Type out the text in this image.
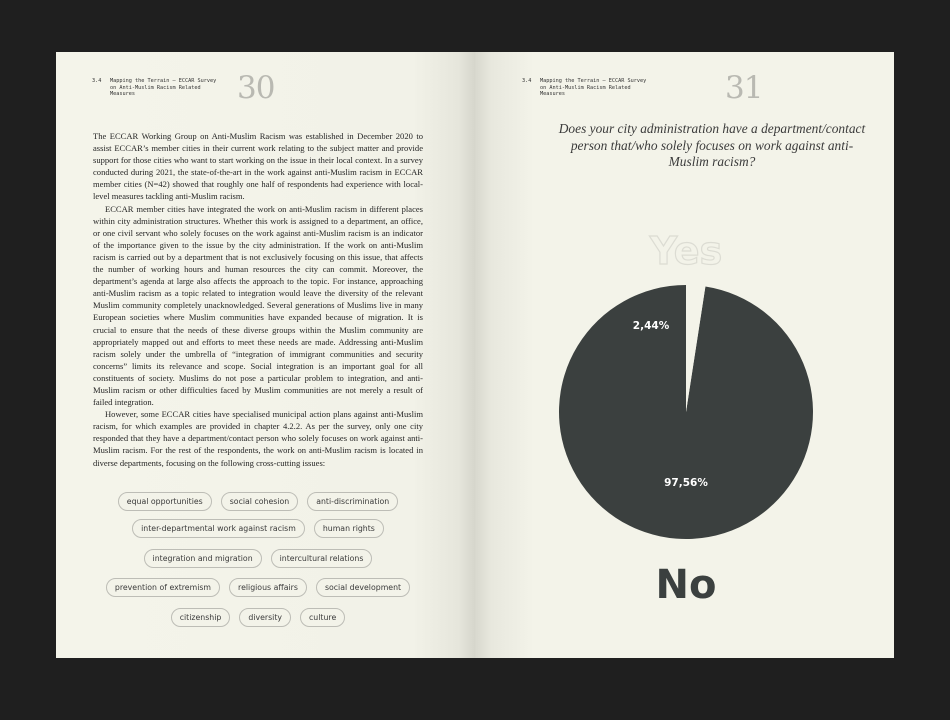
3.4 Mapping the Terrain – ECCAR Survey on Anti-Muslim Racism Related Measures	30

The ECCAR Working Group on Anti-Muslim Racism was established in December 2020 to assist ECCAR’s member cities in their current work relating to the subject matter and provide support for those cities who want to start working on the issue in their local context. In a survey conducted during 2021, the state-of-the-art in the work against anti-Muslim racism in ECCAR member cities (N=42) showed that roughly one half of respondents had experience with local-level measures tackling anti-Muslim racism.

ECCAR member cities have integrated the work on anti-Muslim racism in different places within city administration structures. Whether this work is assigned to a department, an office, or one civil servant who solely focuses on the work against anti-Muslim racism is an indicator of the importance given to the issue by the city administration. If the work on anti-Muslim racism is carried out by a department that is not exclusively focusing on this issue, that affects the number of working hours and human resources the city can commit. Moreover, the department’s agenda at large also affects the approach to the topic. For instance, approaching anti-Muslim racism as a topic related to integration would leave the diversity of the relevant Muslim community completely unacknowledged. Several generations of Muslims live in many European societies where Muslim communities have expanded because of migration. It is crucial to ensure that the needs of these diverse groups within the Muslim community are appropriately mapped out and efforts to meet these needs are made. Addressing anti-Muslim racism solely under the umbrella of “integration of immigrant communities and security concerns” limits its relevance and scope. Social integration is an important goal for all constituents of society. Muslims do not pose a particular problem to integration, and anti-Muslim racism or other difficulties faced by Muslim communities are not merely a result of failed integration.

However, some ECCAR cities have specialised municipal action plans against anti-Muslim racism, for which examples are provided in chapter 4.2.2. As per the survey, only one city responded that they have a department/contact person who solely focuses on work against anti-Muslim racism. For the rest of the respondents, the work on anti-Muslim racism is located in diverse departments, focusing on the following cross-cutting issues:

equal opportunities	social cohesion	anti-discrimination
inter-departmental work against racism	human rights
integration and migration	intercultural relations
prevention of extremism	religious affairs	social development
citizenship	diversity	culture
3.4 Mapping the Terrain – ECCAR Survey on Anti-Muslim Racism Related Measures	31
Does your city administration have a department/contact person that/who solely focuses on work against anti-Muslim racism?
Yes
2,44%
97,56%
No
